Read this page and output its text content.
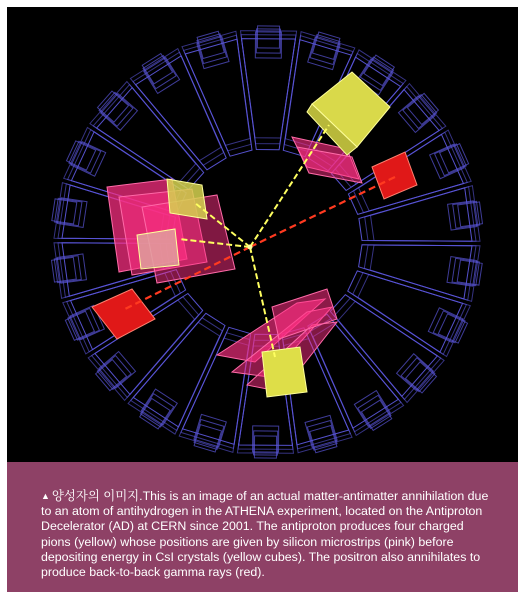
▲ 양성자의 이미지.This is an image of an actual matter-antimatter annihilation due to an atom of antihydrogen in the ATHENA experiment, located on the Antiproton Decelerator (AD) at CERN since 2001. The antiproton produces four charged pions (yellow) whose positions are given by silicon microstrips (pink) before depositing energy in CsI crystals (yellow cubes). The positron also annihilates to produce back-to-back gamma rays (red).
